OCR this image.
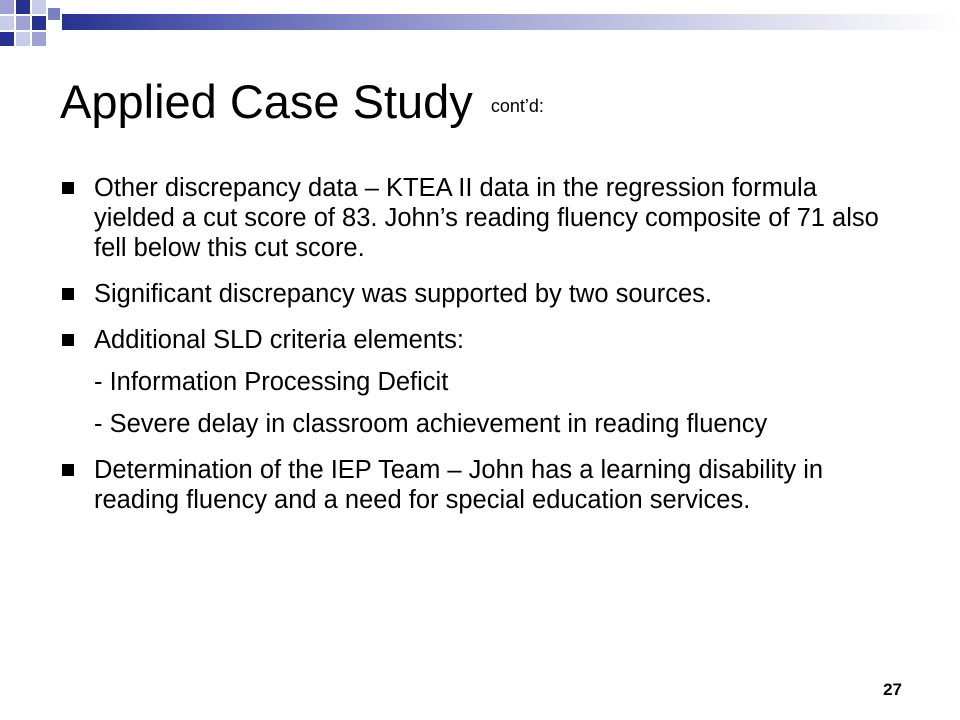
Applied Case Study $^{cont’d:}$
Other discrepancy data – KTEA II data in the regression formula yielded a cut score of 83. John’s reading fluency composite of 71 also fell below this cut score.
Significant discrepancy was supported by two sources.
Additional SLD criteria elements:
- Information Processing Deficit
- Severe delay in classroom achievement in reading fluency
Determination of the IEP Team – John has a learning disability in reading fluency and a need for special education services.
27
